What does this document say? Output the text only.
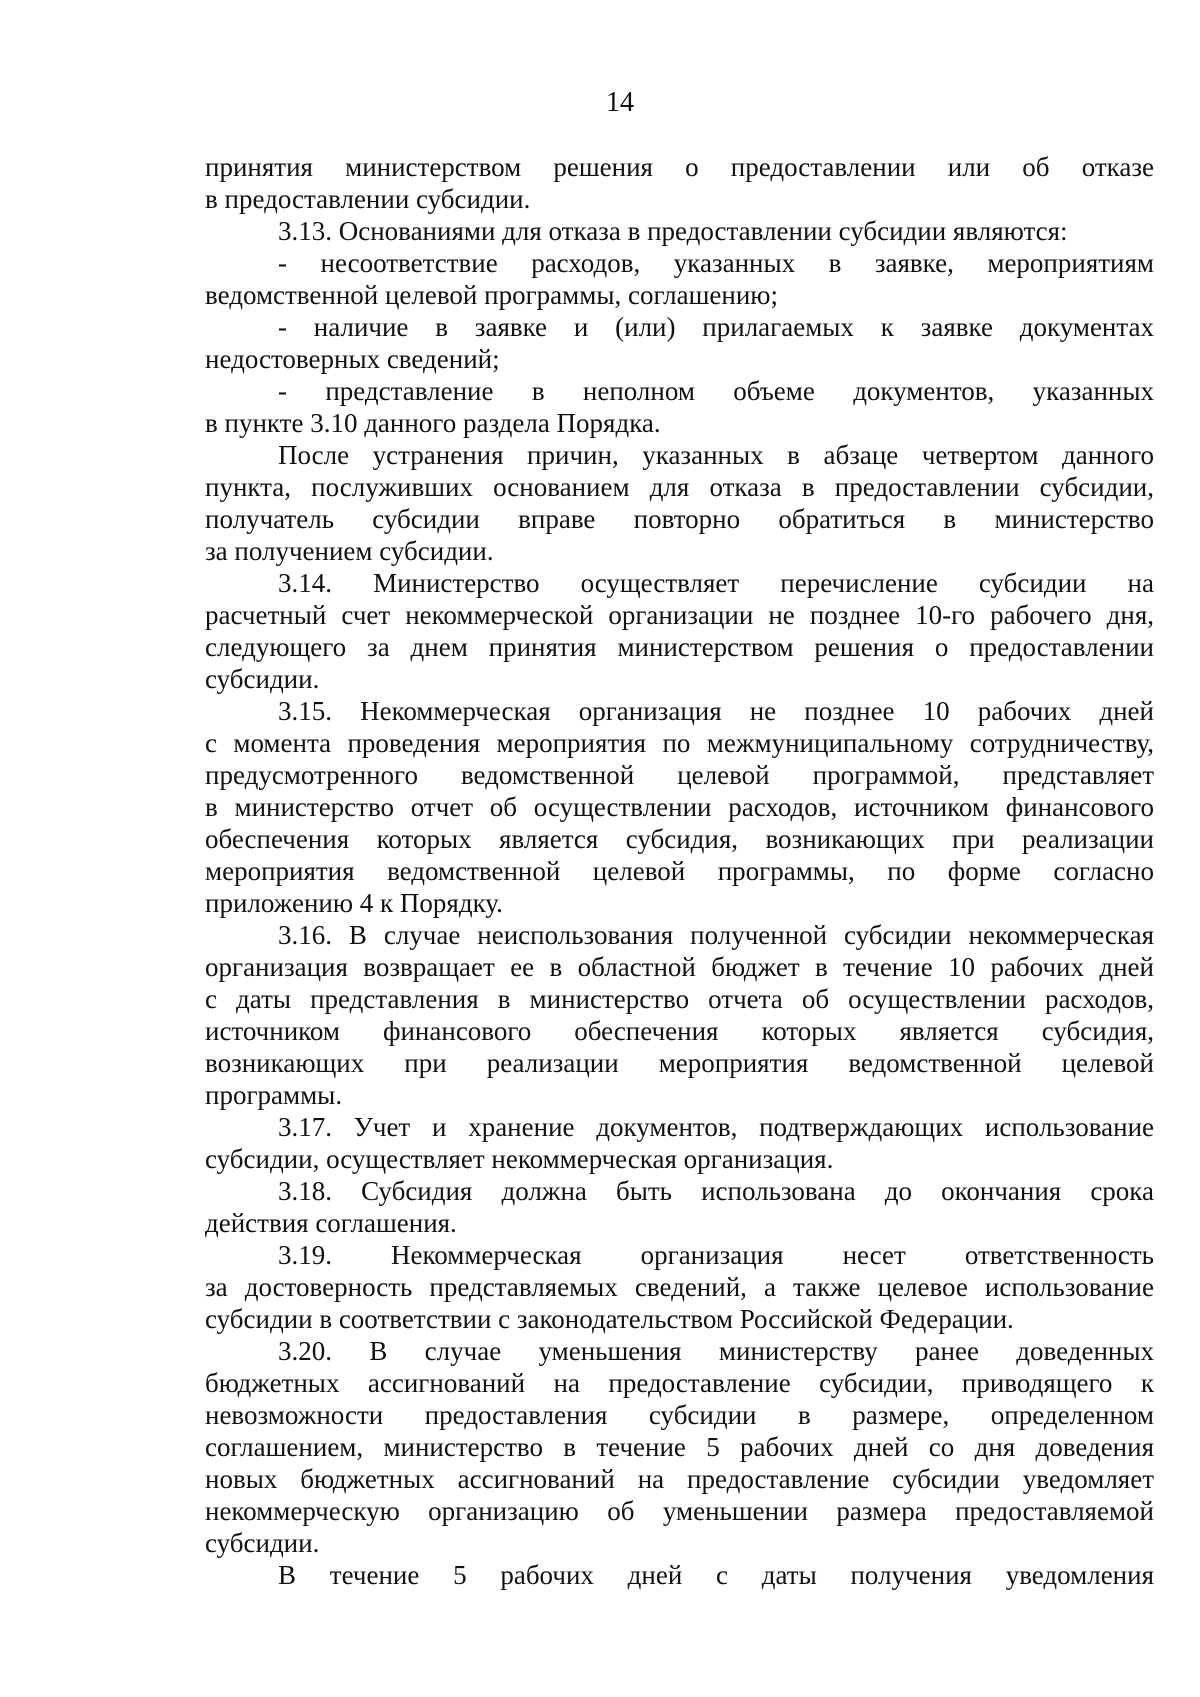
14
принятия министерством решения о предоставлении или об отказе
в предоставлении субсидии.
3.13. Основаниями для отказа в предоставлении субсидии являются:
- несоответствие расходов, указанных в заявке, мероприятиям
ведомственной целевой программы, соглашению;
- наличие в заявке и (или) прилагаемых к заявке документах
недостоверных сведений;
- представление в неполном объеме документов, указанных
в пункте 3.10 данного раздела Порядка.
После устранения причин, указанных в абзаце четвертом данного
пункта, послуживших основанием для отказа в предоставлении субсидии,
получатель субсидии вправе повторно обратиться в министерство
за получением субсидии.
3.14. Министерство осуществляет перечисление субсидии на
расчетный счет некоммерческой организации не позднее 10-го рабочего дня,
следующего за днем принятия министерством решения о предоставлении
субсидии.
3.15. Некоммерческая организация не позднее 10 рабочих дней
с момента проведения мероприятия по межмуниципальному сотрудничеству,
предусмотренного ведомственной целевой программой, представляет
в министерство отчет об осуществлении расходов, источником финансового
обеспечения которых является субсидия, возникающих при реализации
мероприятия ведомственной целевой программы, по форме согласно
приложению 4 к Порядку.
3.16. В случае неиспользования полученной субсидии некоммерческая
организация возвращает ее в областной бюджет в течение 10 рабочих дней
с даты представления в министерство отчета об осуществлении расходов,
источником финансового обеспечения которых является субсидия,
возникающих при реализации мероприятия ведомственной целевой
программы.
3.17. Учет и хранение документов, подтверждающих использование
субсидии, осуществляет некоммерческая организация.
3.18. Субсидия должна быть использована до окончания срока
действия соглашения.
3.19. Некоммерческая организация несет ответственность
за достоверность представляемых сведений, а также целевое использование
субсидии в соответствии с законодательством Российской Федерации.
3.20. В случае уменьшения министерству ранее доведенных
бюджетных ассигнований на предоставление субсидии, приводящего к
невозможности предоставления субсидии в размере, определенном
соглашением, министерство в течение 5 рабочих дней со дня доведения
новых бюджетных ассигнований на предоставление субсидии уведомляет
некоммерческую организацию об уменьшении размера предоставляемой
субсидии.
В течение 5 рабочих дней с даты получения уведомления
